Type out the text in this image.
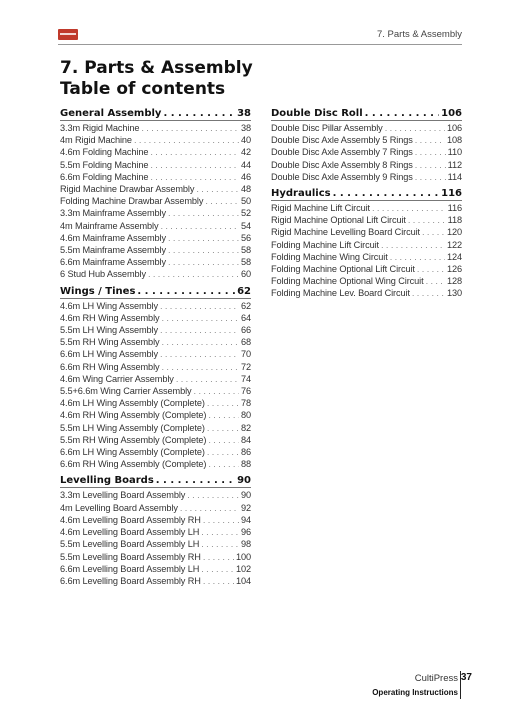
7. Parts & Assembly
7. Parts & Assembly
Table of contents
General Assembly . . .	38
3.3m Rigid Machine . . .	38
4m Rigid Machine . . .	40
4.6m Folding Machine . . .	42
5.5m Folding Machine . . .	44
6.6m Folding Machine . . .	46
Rigid Machine Drawbar Assembly . . .	48
Folding Machine Drawbar Assembly . . .	50
3.3m Mainframe Assembly . . .	52
4m Mainframe Assembly . . .	54
4.6m Mainframe Assembly . . .	56
5.5m Mainframe Assembly . . .	58
6.6m Mainframe Assembly . . .	58
6 Stud Hub Assembly . . .	60
Wings / Tines . . .	62
4.6m LH Wing Assembly . . .	62
4.6m RH Wing Assembly . . .	64
5.5m LH Wing Assembly . . .	66
5.5m RH Wing Assembly . . .	68
6.6m LH Wing Assembly . . .	70
6.6m RH Wing Assembly . . .	72
4.6m Wing Carrier Assembly . . .	74
5.5+6.6m Wing Carrier Assembly . . .	76
4.6m LH Wing Assembly (Complete) . . .	78
4.6m RH Wing Assembly (Complete) . . .	80
5.5m LH Wing Assembly (Complete) . . .	82
5.5m RH Wing Assembly (Complete) . . .	84
6.6m LH Wing Assembly (Complete) . . .	86
6.6m RH Wing Assembly (Complete) . . .	88
Levelling Boards . . .	90
3.3m Levelling Board Assembly . . .	90
4m Levelling Board Assembly . . .	92
4.6m Levelling Board Assembly RH . . .	94
4.6m Levelling Board Assembly LH . . .	96
5.5m Levelling Board Assembly LH . . .	98
5.5m Levelling Board Assembly RH . . .	100
6.6m Levelling Board Assembly LH . . .	102
6.6m Levelling Board Assembly RH . . .	104
Double Disc Roll . . .	106
Double Disc Pillar Assembly . . .	106
Double Disc Axle Assembly 5 Rings . . .	108
Double Disc Axle Assembly 7 Rings . . .	110
Double Disc Axle Assembly 8 Rings . . .	112
Double Disc Axle Assembly 9 Rings . . .	114
Hydraulics . . .	116
Rigid Machine Lift Circuit . . .	116
Rigid Machine Optional Lift Circuit . . .	118
Rigid Machine Levelling Board Circuit . . .	120
Folding Machine Lift Circuit . . .	122
Folding Machine Wing Circuit . . .	124
Folding Machine Optional Lift Circuit . . .	126
Folding Machine Optional Wing Circuit . . .	128
Folding Machine Lev. Board Circuit . . .	130
CultiPress 37
Operating Instructions
